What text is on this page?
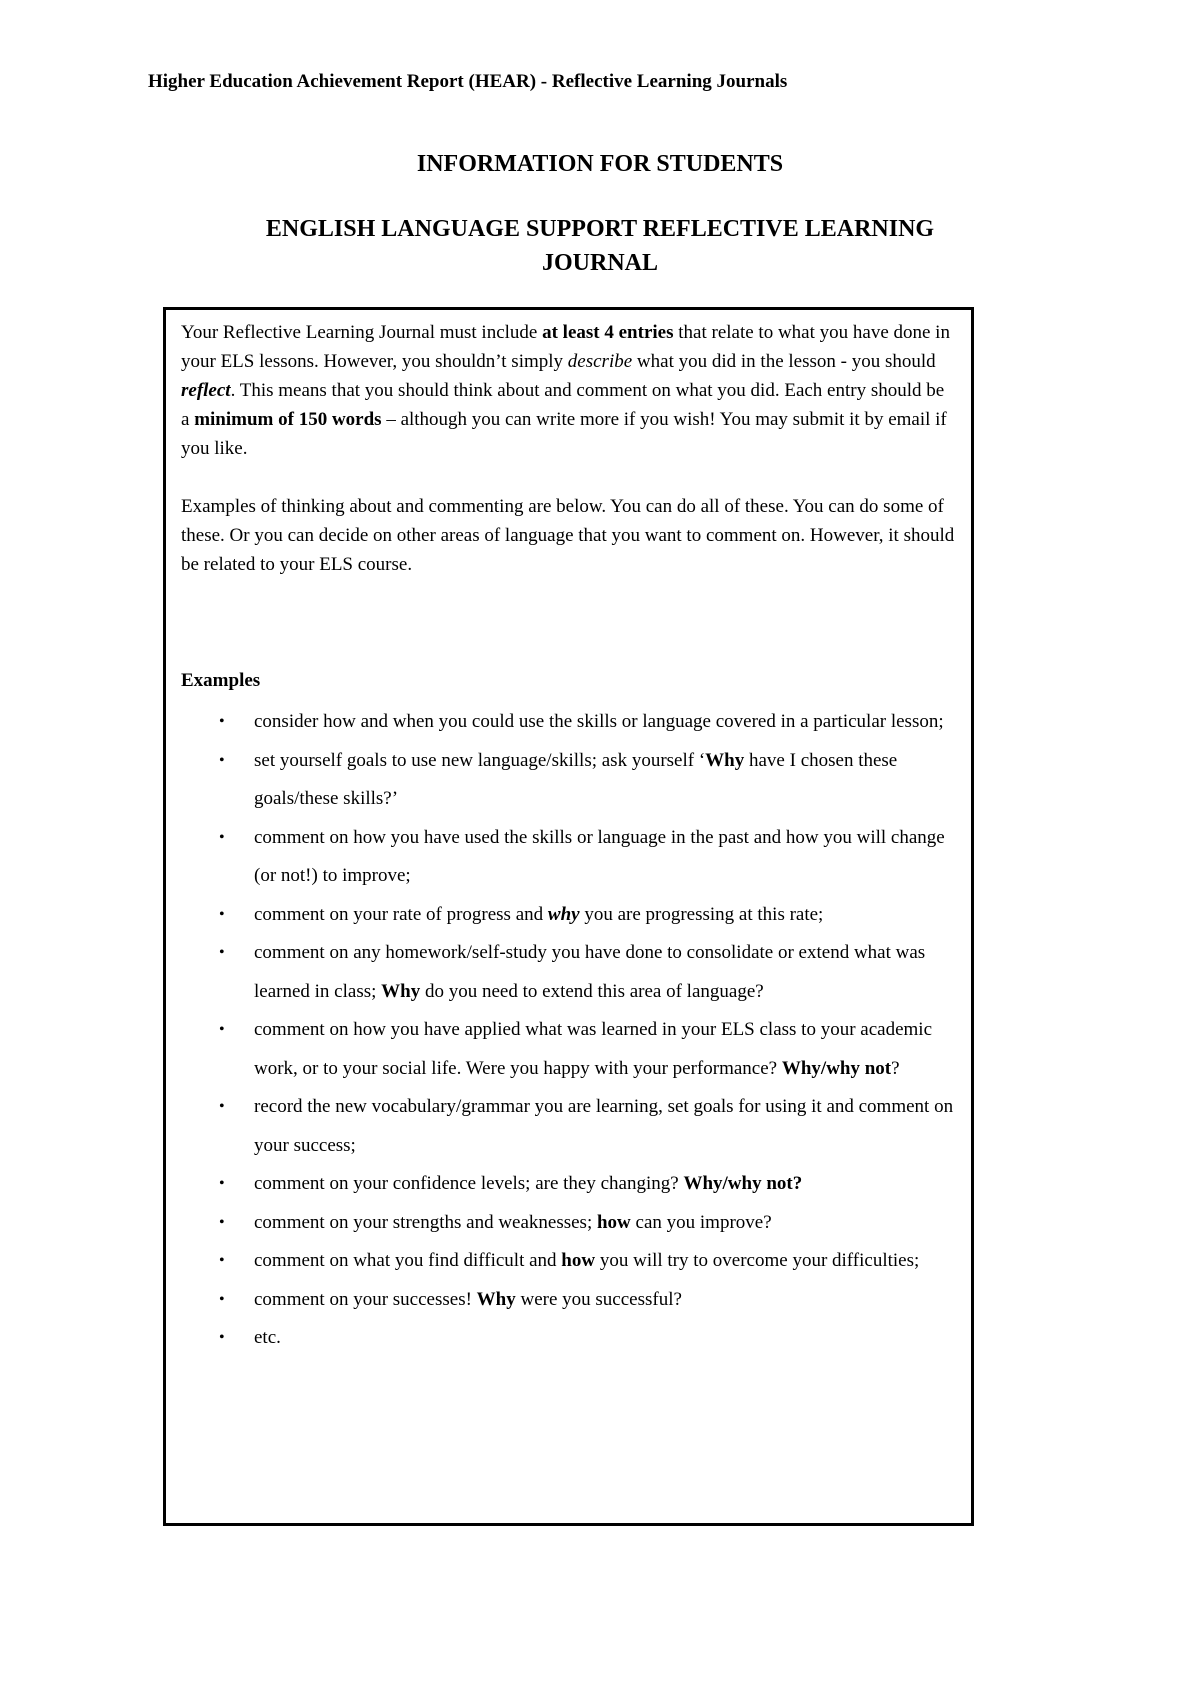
Higher Education Achievement Report (HEAR) - Reflective Learning Journals
INFORMATION FOR STUDENTS
ENGLISH LANGUAGE SUPPORT REFLECTIVE LEARNING
JOURNAL

Your Reflective Learning Journal must include at least 4 entries that relate to what you have done in your ELS lessons. However, you shouldn’t simply describe what you did in the lesson - you should reflect. This means that you should think about and comment on what you did. Each entry should be a minimum of 150 words – although you can write more if you wish! You may submit it by email if you like.

Examples of thinking about and commenting are below. You can do all of these. You can do some of these. Or you can decide on other areas of language that you want to comment on. However, it should be related to your ELS course.

Examples

• consider how and when you could use the skills or language covered in a particular lesson;
• set yourself goals to use new language/skills; ask yourself ‘Why have I chosen these goals/these skills?’
• comment on how you have used the skills or language in the past and how you will change (or not!) to improve;
• comment on your rate of progress and why you are progressing at this rate;
• comment on any homework/self-study you have done to consolidate or extend what was learned in class; Why do you need to extend this area of language?
• comment on how you have applied what was learned in your ELS class to your academic work, or to your social life. Were you happy with your performance? Why/why not?
• record the new vocabulary/grammar you are learning, set goals for using it and comment on your success;
• comment on your confidence levels; are they changing? Why/why not?
• comment on your strengths and weaknesses; how can you improve?
• comment on what you find difficult and how you will try to overcome your difficulties;
• comment on your successes! Why were you successful?
• etc.
